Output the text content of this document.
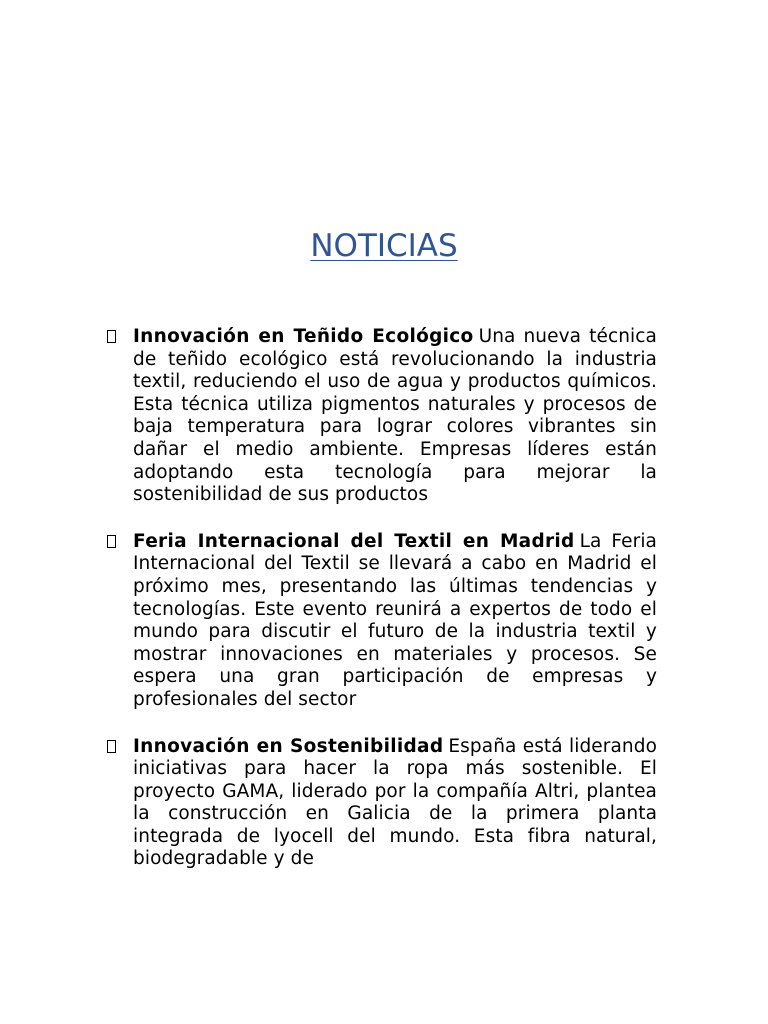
NOTICIAS

Innovación en Teñido Ecológico Una nueva técnica de teñido ecológico está revolucionando la industria textil, reduciendo el uso de agua y productos químicos. Esta técnica utiliza pigmentos naturales y procesos de baja temperatura para lograr colores vibrantes sin dañar el medio ambiente. Empresas líderes están adoptando esta tecnología para mejorar la sostenibilidad de sus productos

Feria Internacional del Textil en Madrid La Feria Internacional del Textil se llevará a cabo en Madrid el próximo mes, presentando las últimas tendencias y tecnologías. Este evento reunirá a expertos de todo el mundo para discutir el futuro de la industria textil y mostrar innovaciones en materiales y procesos. Se espera una gran participación de empresas y profesionales del sector

Innovación en Sostenibilidad España está liderando iniciativas para hacer la ropa más sostenible. El proyecto GAMA, liderado por la compañía Altri, plantea la construcción en Galicia de la primera planta integrada de lyocell del mundo. Esta fibra natural, biodegradable y de
